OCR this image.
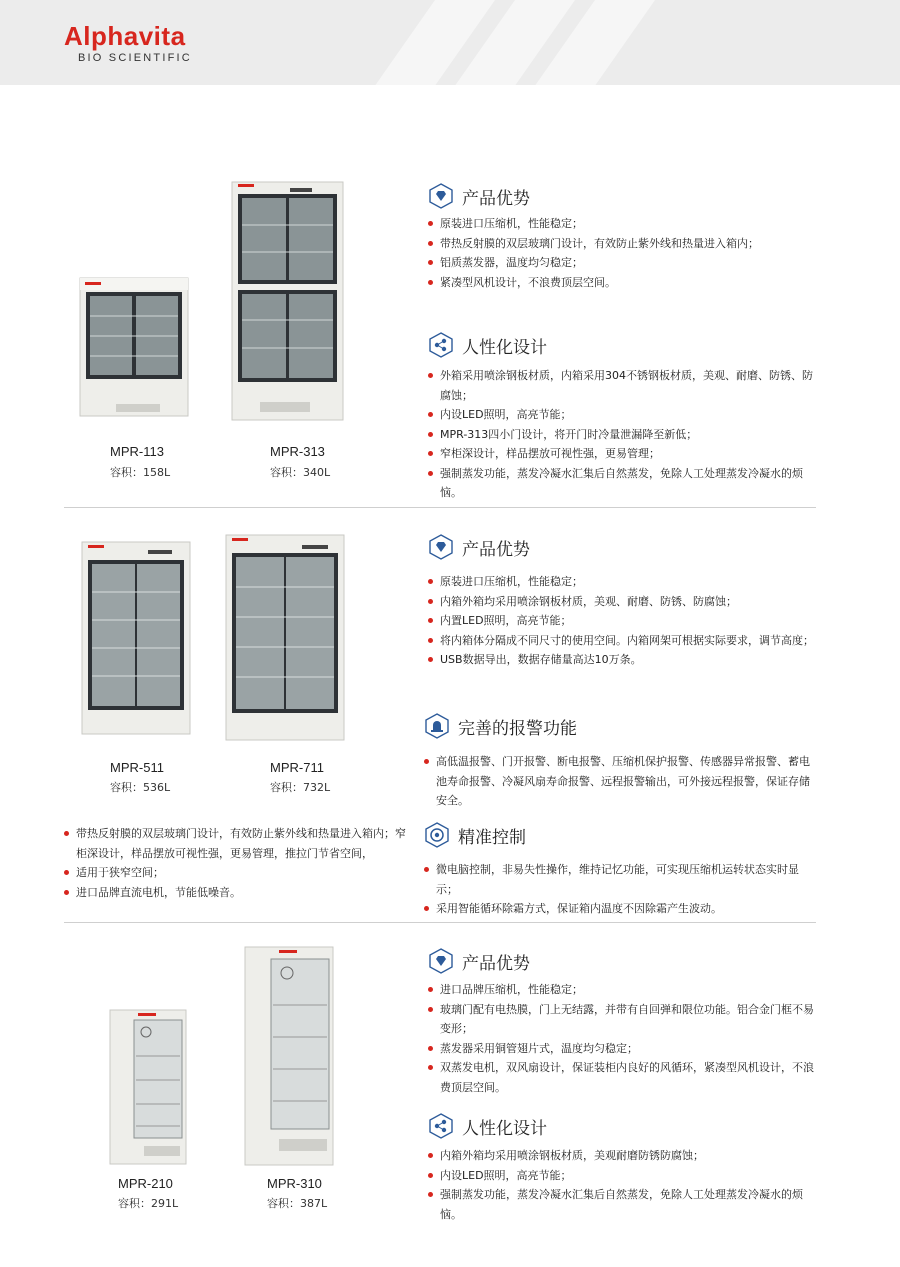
Alphavita
BIO SCIENTIFIC
MPR-113
容积：158L
MPR-313
容积：340L
产品优势
原装进口压缩机，性能稳定；
带热反射膜的双层玻璃门设计，有效防止紫外线和热量进入箱内；
铝质蒸发器，温度均匀稳定；
紧凑型风机设计，不浪费顶层空间。
人性化设计
外箱采用喷涂钢板材质，内箱采用304不锈钢板材质，美观、耐磨、防锈、防腐蚀；
内设LED照明，高亮节能；
MPR-313四小门设计，将开门时冷量泄漏降至新低；
窄柜深设计，样品摆放可视性强，更易管理；
强制蒸发功能，蒸发冷凝水汇集后自然蒸发，免除人工处理蒸发冷凝水的烦恼。
MPR-511
容积：536L
MPR-711
容积：732L
产品优势
原装进口压缩机，性能稳定；
内箱外箱均采用喷涂钢板材质，美观、耐磨、防锈、防腐蚀；
内置LED照明，高亮节能；
将内箱体分隔成不同尺寸的使用空间。内箱网架可根据实际要求，调节高度；
USB数据导出，数据存储量高达10万条。
完善的报警功能
高低温报警、门开报警、断电报警、压缩机保护报警、传感器异常报警、蓄电池寿命报警、冷凝风扇寿命报警、远程报警输出，可外接远程报警，保证存储安全。
带热反射膜的双层玻璃门设计，有效防止紫外线和热量进入箱内；窄柜深设计，样品摆放可视性强，更易管理，推拉门节省空间，
适用于狭窄空间；
进口品牌直流电机，节能低噪音。
精准控制
微电脑控制，非易失性操作，维持记忆功能，可实现压缩机运转状态实时显示；
采用智能循环除霜方式，保证箱内温度不因除霜产生波动。
MPR-210
容积：291L
MPR-310
容积：387L
产品优势
进口品牌压缩机，性能稳定；
玻璃门配有电热膜，门上无结露，并带有自回弹和限位功能。铝合金门框不易变形；
蒸发器采用铜管翅片式，温度均匀稳定；
双蒸发电机，双风扇设计，保证装柜内良好的风循环，紧凑型风机设计，不浪费顶层空间。
人性化设计
内箱外箱均采用喷涂钢板材质，美观耐磨防锈防腐蚀；
内设LED照明，高亮节能；
强制蒸发功能，蒸发冷凝水汇集后自然蒸发，免除人工处理蒸发冷凝水的烦恼。
